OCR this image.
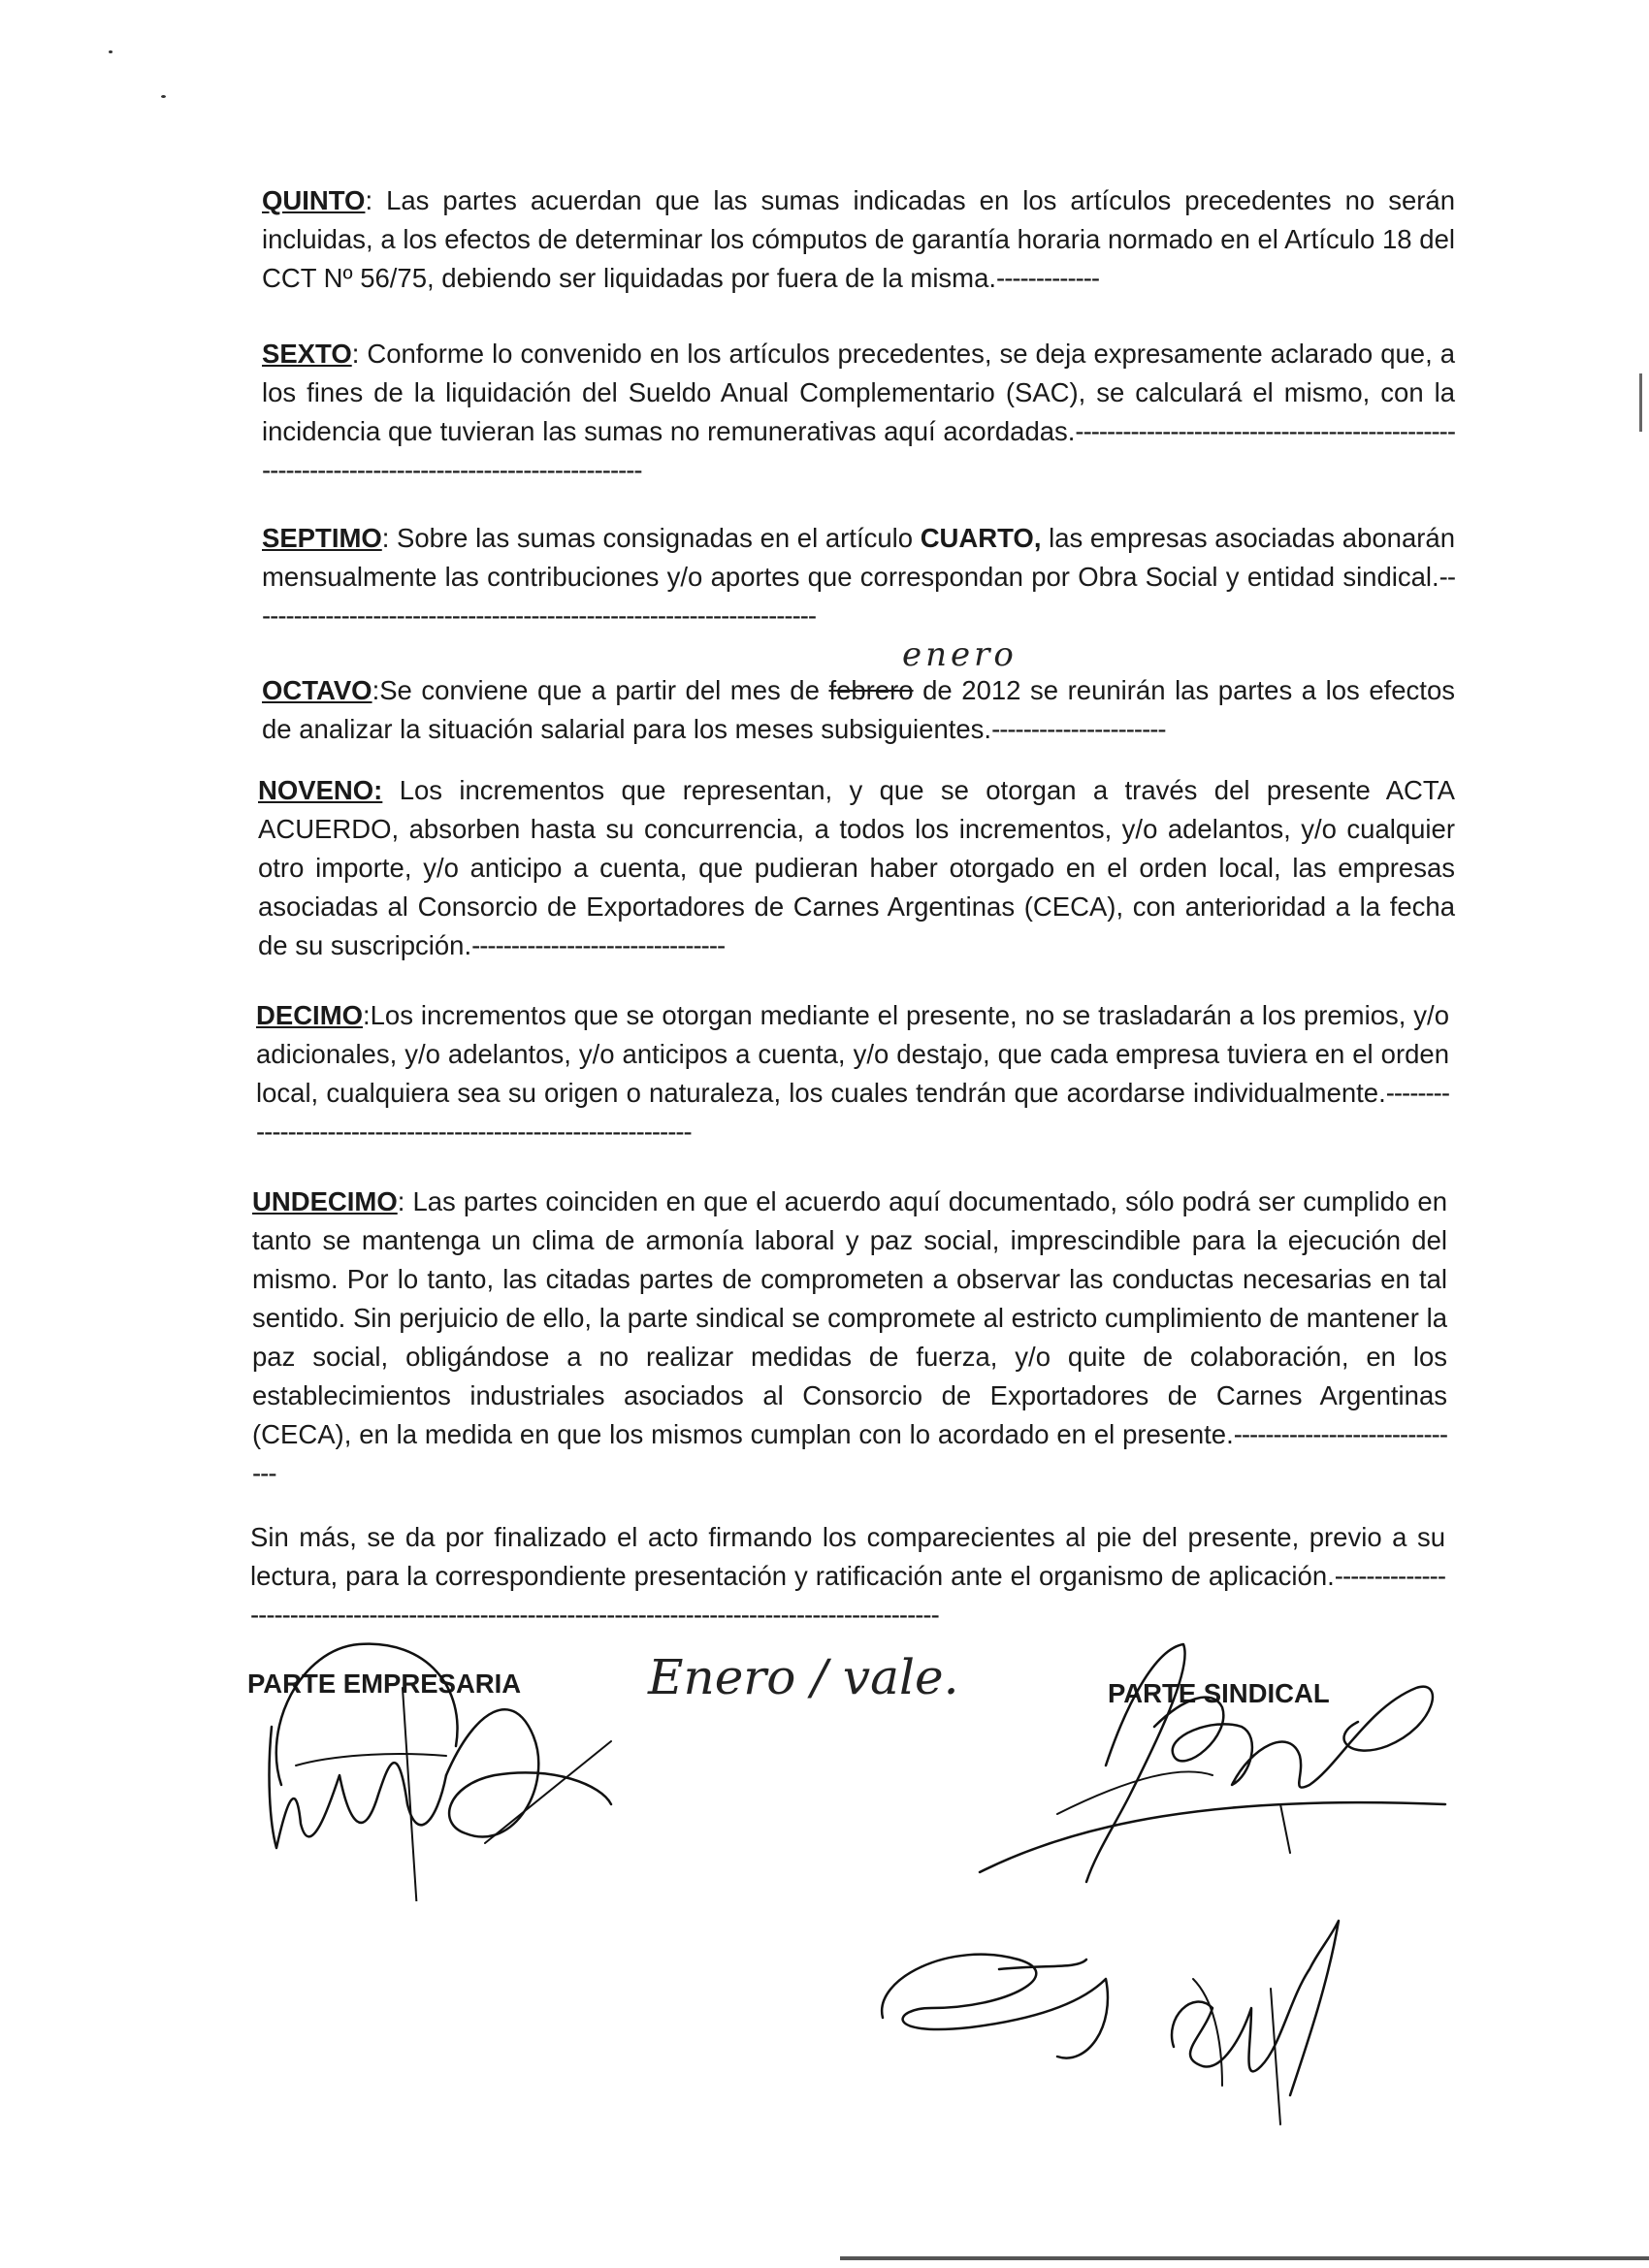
QUINTO: Las partes acuerdan que las sumas indicadas en los artículos precedentes no serán incluidas, a los efectos de determinar los cómputos de garantía horaria normado en el Artículo 18 del CCT Nº 56/75, debiendo ser liquidadas por fuera de la misma.-------------

SEXTO: Conforme lo convenido en los artículos precedentes, se deja expresamente aclarado que, a los fines de la liquidación del Sueldo Anual Complementario (SAC), se calculará el mismo, con la incidencia que tuvieran las sumas no remunerativas aquí acordadas.------------------------------------------------------------------------------------------------

SEPTIMO: Sobre las sumas consignadas en el artículo CUARTO, las empresas asociadas abonarán mensualmente las contribuciones y/o aportes que correspondan por Obra Social y entidad sindical.------------------------------------------------------------------------

enero

OCTAVO:Se conviene que a partir del mes de febrero de 2012 se reunirán las partes a los efectos de analizar la situación salarial para los meses subsiguientes.----------------------

NOVENO: Los incrementos que representan, y que se otorgan a través del presente ACTA ACUERDO, absorben hasta su concurrencia, a todos los incrementos, y/o adelantos, y/o cualquier otro importe, y/o anticipo a cuenta, que pudieran haber otorgado en el orden local, las empresas asociadas al Consorcio de Exportadores de Carnes Argentinas (CECA), con anterioridad a la fecha de su suscripción.--------------------------------

DECIMO:Los incrementos que se otorgan mediante el presente, no se trasladarán a los premios, y/o adicionales, y/o adelantos, y/o anticipos a cuenta, y/o destajo, que cada empresa tuviera en el orden local, cualquiera sea su origen o naturaleza, los cuales tendrán que acordarse individualmente.---------------------------------------------------------------

UNDECIMO: Las partes coinciden en que el acuerdo aquí documentado, sólo podrá ser cumplido en tanto se mantenga un clima de armonía laboral y paz social, imprescindible para la ejecución del mismo. Por lo tanto, las citadas partes de comprometen a observar las conductas necesarias en tal sentido. Sin perjuicio de ello, la parte sindical se compromete al estricto cumplimiento de mantener la paz social, obligándose a no realizar medidas de fuerza, y/o quite de colaboración, en los establecimientos industriales asociados al Consorcio de Exportadores de Carnes Argentinas (CECA), en la medida en que los mismos cumplan con lo acordado en el presente.------------------------------

Sin más, se da por finalizado el acto firmando los comparecientes al pie del presente, previo a su lectura, para la correspondiente presentación y ratificación ante el organismo de aplicación.-----------------------------------------------------------------------------------------------------

PARTE EMPRESARIA	PARTE SINDICAL
Enero / vale.
